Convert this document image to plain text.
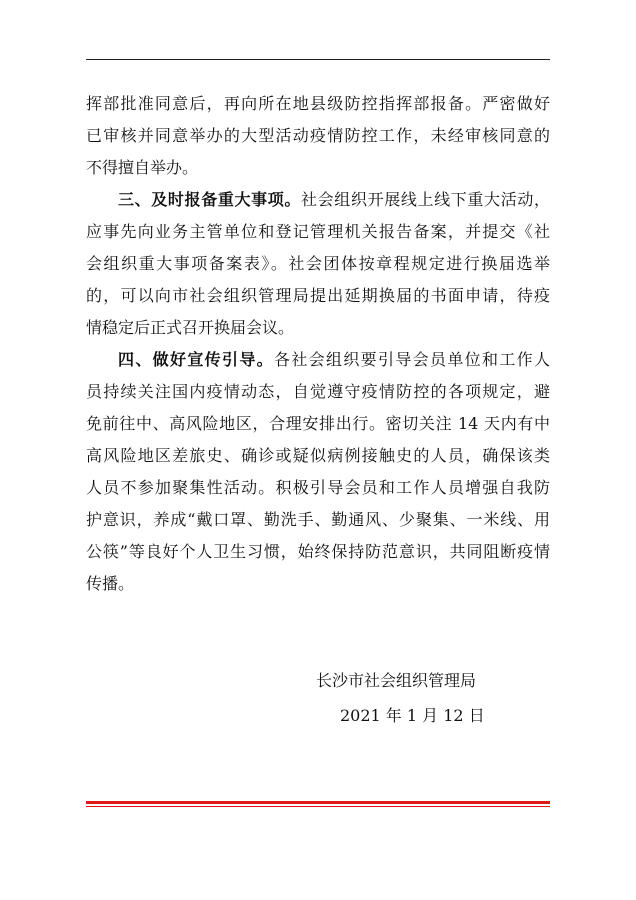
挥部批准同意后，再向所在地县级防控指挥部报备。严密做好
已审核并同意举办的大型活动疫情防控工作，未经审核同意的
不得擅自举办。
三、及时报备重大事项。社会组织开展线上线下重大活动，
应事先向业务主管单位和登记管理机关报告备案，并提交《社
会组织重大事项备案表》。社会团体按章程规定进行换届选举
的，可以向市社会组织管理局提出延期换届的书面申请，待疫
情稳定后正式召开换届会议。
四、做好宣传引导。各社会组织要引导会员单位和工作人
员持续关注国内疫情动态，自觉遵守疫情防控的各项规定，避
免前往中、高风险地区，合理安排出行。密切关注 14 天内有中
高风险地区差旅史、确诊或疑似病例接触史的人员，确保该类
人员不参加聚集性活动。积极引导会员和工作人员增强自我防
护意识，养成“戴口罩、勤洗手、勤通风、少聚集、一米线、用
公筷”等良好个人卫生习惯，始终保持防范意识，共同阻断疫情
传播。
长沙市社会组织管理局
2021 年 1 月 12 日
